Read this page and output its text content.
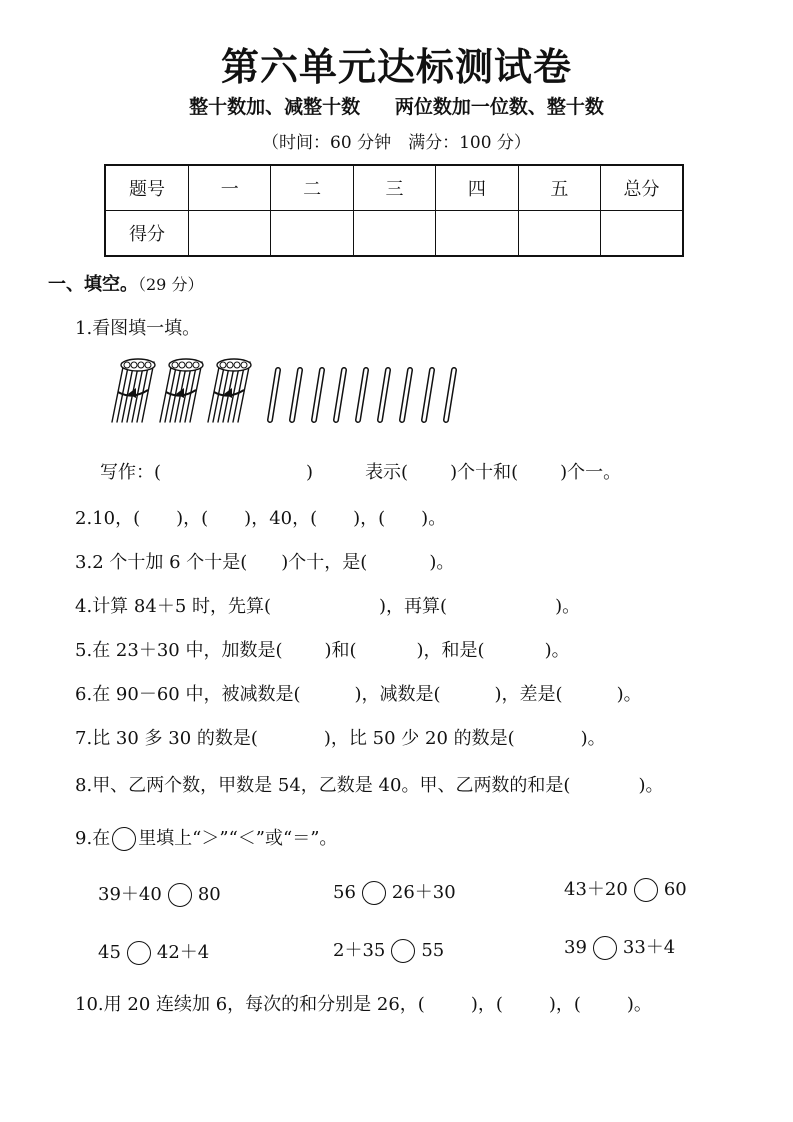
第六单元达标测试卷
整十数加、减整十数 两位数加一位数、整十数
（时间：60 分钟　满分：100 分）
题号	一	二	三	四	五	总分
得分						
一、填空。（29 分）
1.看图填一填。
写作：(	)	表示( )个十和( )个一。
2.10，( )，( )，40，( )，( )。
3.2 个十加 6 个十是( )个十，是(	)。
4.计算 84＋5 时，先算(	)，再算(	)。
5.在 23＋30 中，加数是( )和(	)，和是(	)。
6.在 90－60 中，被减数是(	)，减数是(	)，差是(	)。
7.比 30 多 30 的数是(	)，比 50 少 20 的数是(	)。
8.甲、乙两个数，甲数是 54，乙数是 40。甲、乙两数的和是(	)。
9.在 里填上“＞”“＜”或“＝”。
39＋40 80	56 26＋30	43＋20 60
45 42＋4	2＋35 55	39 33＋4
10.用 20 连续加 6，每次的和分别是 26，(	)，(	)，(	)。
